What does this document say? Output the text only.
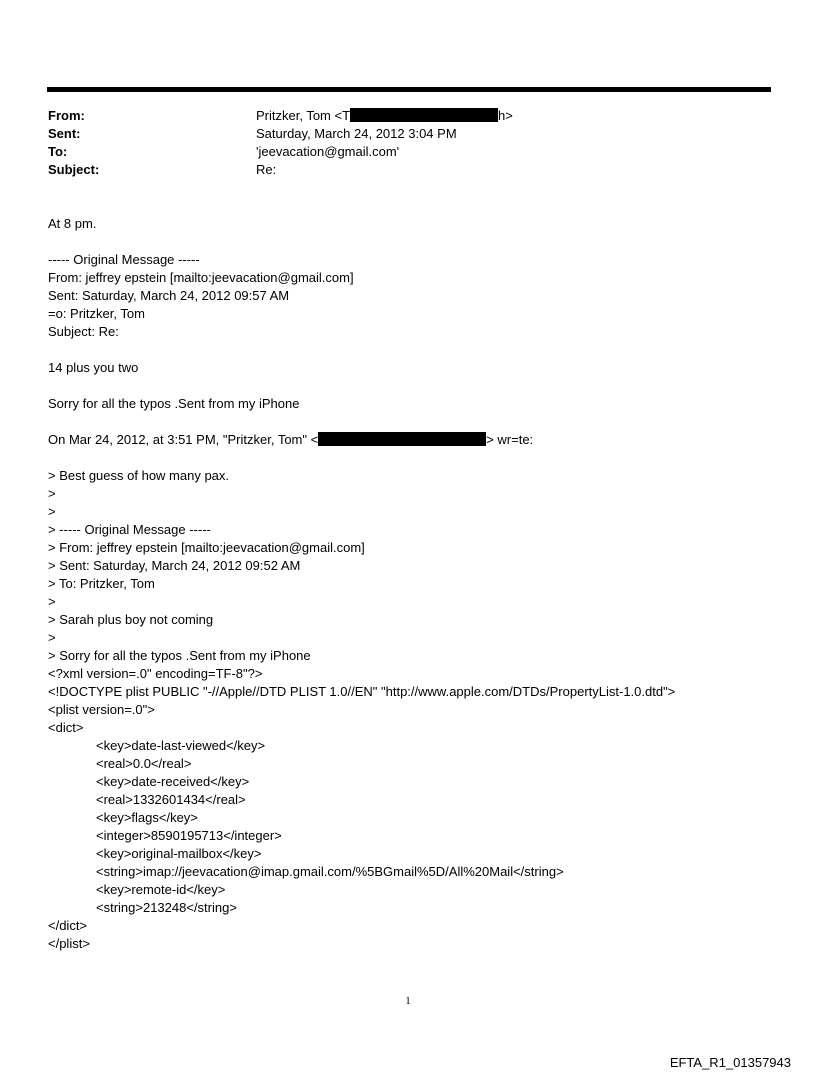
From:	Pritzker, Tom <T	h>
Sent:	Saturday, March 24, 2012 3:04 PM
To:	'jeevacation@gmail.com'
Subject:	Re:
At 8 pm.
----- Original Message -----
From: jeffrey epstein [mailto:jeevacation@gmail.com]
Sent: Saturday, March 24, 2012 09:57 AM
=o: Pritzker, Tom
Subject: Re:
14 plus you two
Sorry for all the typos .Sent from my iPhone
On Mar 24, 2012, at 3:51 PM, "Pritzker, Tom" <	> wr=te:
> Best guess of how many pax.
>
>
> ----- Original Message -----
> From: jeffrey epstein [mailto:jeevacation@gmail.com]
> Sent: Saturday, March 24, 2012 09:52 AM
> To: Pritzker, Tom
>
> Sarah plus boy not coming
>
> Sorry for all the typos .Sent from my iPhone
<?xml version=.0" encoding=TF-8"?>
<!DOCTYPE plist PUBLIC "-//Apple//DTD PLIST 1.0//EN" "http://www.apple.com/DTDs/PropertyList-1.0.dtd">
<plist version=.0">
<dict>
<key>date-last-viewed</key>
<real>0.0</real>
<key>date-received</key>
<real>1332601434</real>
<key>flags</key>
<integer>8590195713</integer>
<key>original-mailbox</key>
<string>imap://jeevacation@imap.gmail.com/%5BGmail%5D/All%20Mail</string>
<key>remote-id</key>
<string>213248</string>
</dict>
</plist>
1
EFTA_R1_01357943
